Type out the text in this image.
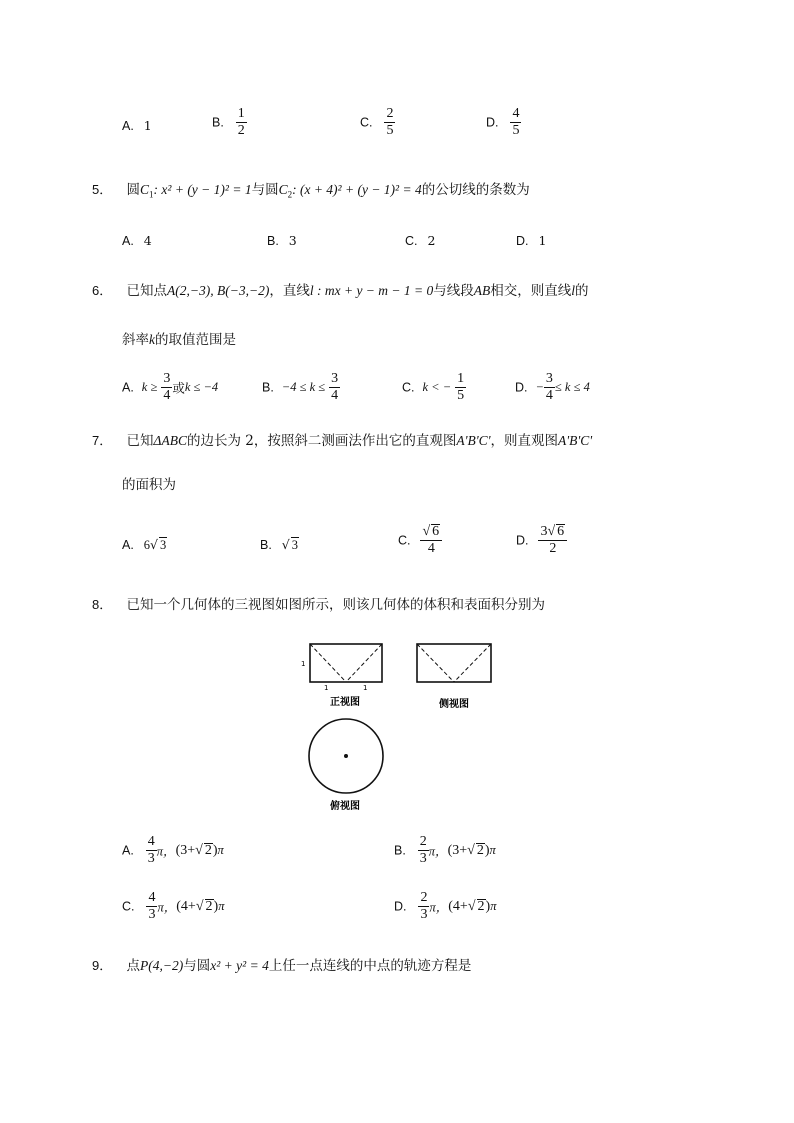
A. 1	B. $\frac{1}{2}$	C. $\frac{2}{5}$	D. $\frac{4}{5}$
5． 圆$C_1$: x² + (y − 1)² = 1与圆$C_2$: (x + 4)² + (y − 1)² = 4的公切线的条数为
A. 4	B. 3	C. 2	D. 1
6． 已知点A(2,−3), B(−3,−2)，直线l : mx + y − m − 1 = 0与线段AB相交，则直线l的
斜率k的取值范围是
A. $k \ge \frac{3}{4}$ 或k ≤ −4	B. $-4 \le k \le \frac{3}{4}$	C. k < − $\frac{1}{5}$	D. − $\frac{3}{4} \le k \le 4$
7． 已知ΔABC的边长为 2，按照斜二测画法作出它的直观图A'B'C'，则直观图A'B'C'
的面积为
A. 6√ 3	B. √ 3	C. $\frac{√ 6}{4}$	D. $\frac{3√ 6}{2}$
8． 已知一个几何体的三视图如图所示，则该几何体的体积和表面积分别为
1
1	1
正视图	侧视图
俯视图
A. $\frac{4}{3}$ π，(3+√ 2)π	B. $\frac{2}{3}$ π，(3+√ 2)π
C. $\frac{4}{3}$ π，(4+√ 2)π	D. $\frac{2}{3}$ π，(4+√ 2)π
9． 点P(4,−2)与圆x² + y² = 4上任一点连线的中点的轨迹方程是
